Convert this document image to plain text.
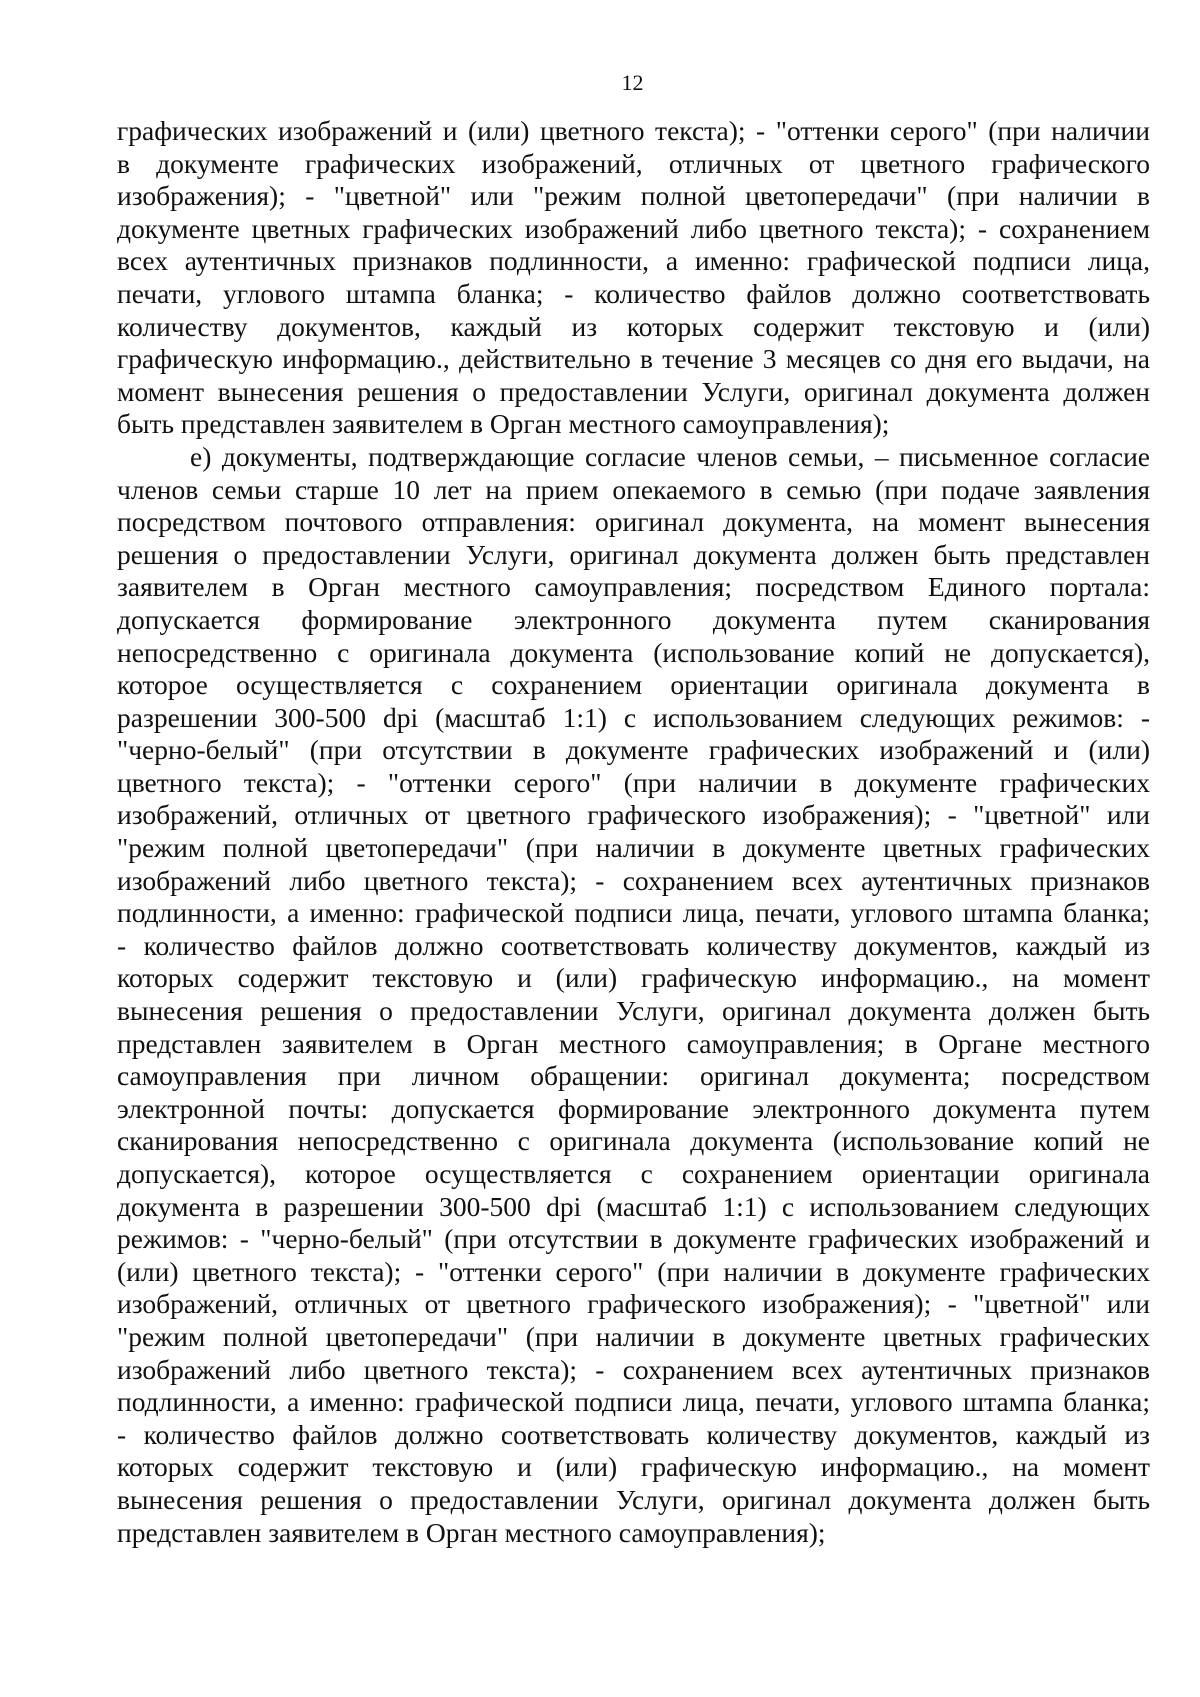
12
графических изображений и (или) цветного текста); - "оттенки серого" (при наличии
в документе графических изображений, отличных от цветного графического
изображения); - "цветной" или "режим полной цветопередачи" (при наличии в
документе цветных графических изображений либо цветного текста); - сохранением
всех аутентичных признаков подлинности, а именно: графической подписи лица,
печати, углового штампа бланка; - количество файлов должно соответствовать
количеству документов, каждый из которых содержит текстовую и (или)
графическую информацию., действительно в течение 3 месяцев со дня его выдачи, на
момент вынесения решения о предоставлении Услуги, оригинал документа должен
быть представлен заявителем в Орган местного самоуправления);
е) документы, подтверждающие согласие членов семьи, – письменное согласие
членов семьи старше 10 лет на прием опекаемого в семью (при подаче заявления
посредством почтового отправления: оригинал документа, на момент вынесения
решения о предоставлении Услуги, оригинал документа должен быть представлен
заявителем в Орган местного самоуправления; посредством Единого портала:
допускается формирование электронного документа путем сканирования
непосредственно с оригинала документа (использование копий не допускается),
которое осуществляется с сохранением ориентации оригинала документа в
разрешении 300-500 dpi (масштаб 1:1) с использованием следующих режимов: -
"черно-белый" (при отсутствии в документе графических изображений и (или)
цветного текста); - "оттенки серого" (при наличии в документе графических
изображений, отличных от цветного графического изображения); - "цветной" или
"режим полной цветопередачи" (при наличии в документе цветных графических
изображений либо цветного текста); - сохранением всех аутентичных признаков
подлинности, а именно: графической подписи лица, печати, углового штампа бланка;
- количество файлов должно соответствовать количеству документов, каждый из
которых содержит текстовую и (или) графическую информацию., на момент
вынесения решения о предоставлении Услуги, оригинал документа должен быть
представлен заявителем в Орган местного самоуправления; в Органе местного
самоуправления при личном обращении: оригинал документа; посредством
электронной почты: допускается формирование электронного документа путем
сканирования непосредственно с оригинала документа (использование копий не
допускается), которое осуществляется с сохранением ориентации оригинала
документа в разрешении 300-500 dpi (масштаб 1:1) с использованием следующих
режимов: - "черно-белый" (при отсутствии в документе графических изображений и
(или) цветного текста); - "оттенки серого" (при наличии в документе графических
изображений, отличных от цветного графического изображения); - "цветной" или
"режим полной цветопередачи" (при наличии в документе цветных графических
изображений либо цветного текста); - сохранением всех аутентичных признаков
подлинности, а именно: графической подписи лица, печати, углового штампа бланка;
- количество файлов должно соответствовать количеству документов, каждый из
которых содержит текстовую и (или) графическую информацию., на момент
вынесения решения о предоставлении Услуги, оригинал документа должен быть
представлен заявителем в Орган местного самоуправления);
